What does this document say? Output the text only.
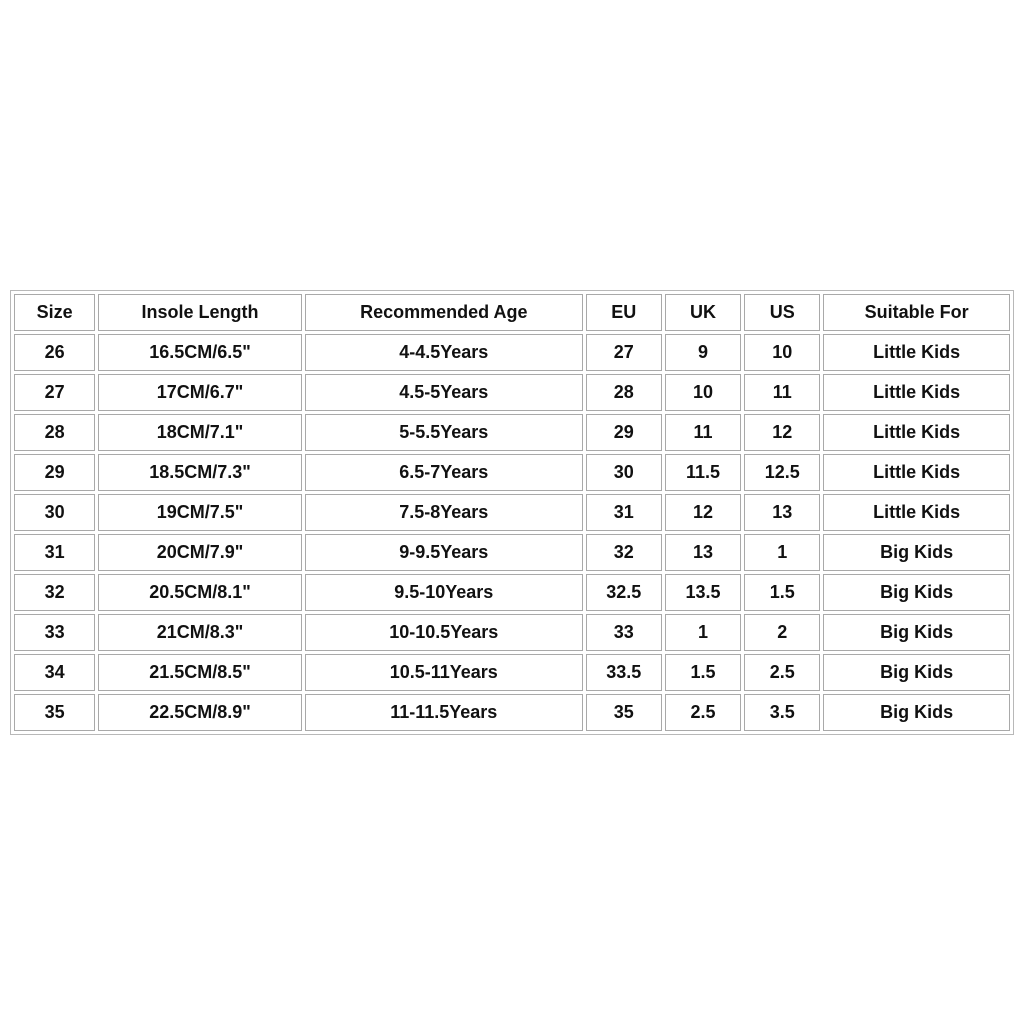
Size	Insole Length	Recommended Age	EU	UK	US	Suitable For
26	16.5CM/6.5"	4-4.5Years	27	9	10	Little Kids
27	17CM/6.7"	4.5-5Years	28	10	11	Little Kids
28	18CM/7.1"	5-5.5Years	29	11	12	Little Kids
29	18.5CM/7.3"	6.5-7Years	30	11.5	12.5	Little Kids
30	19CM/7.5"	7.5-8Years	31	12	13	Little Kids
31	20CM/7.9"	9-9.5Years	32	13	1	Big Kids
32	20.5CM/8.1"	9.5-10Years	32.5	13.5	1.5	Big Kids
33	21CM/8.3"	10-10.5Years	33	1	2	Big Kids
34	21.5CM/8.5"	10.5-11Years	33.5	1.5	2.5	Big Kids
35	22.5CM/8.9"	11-11.5Years	35	2.5	3.5	Big Kids
